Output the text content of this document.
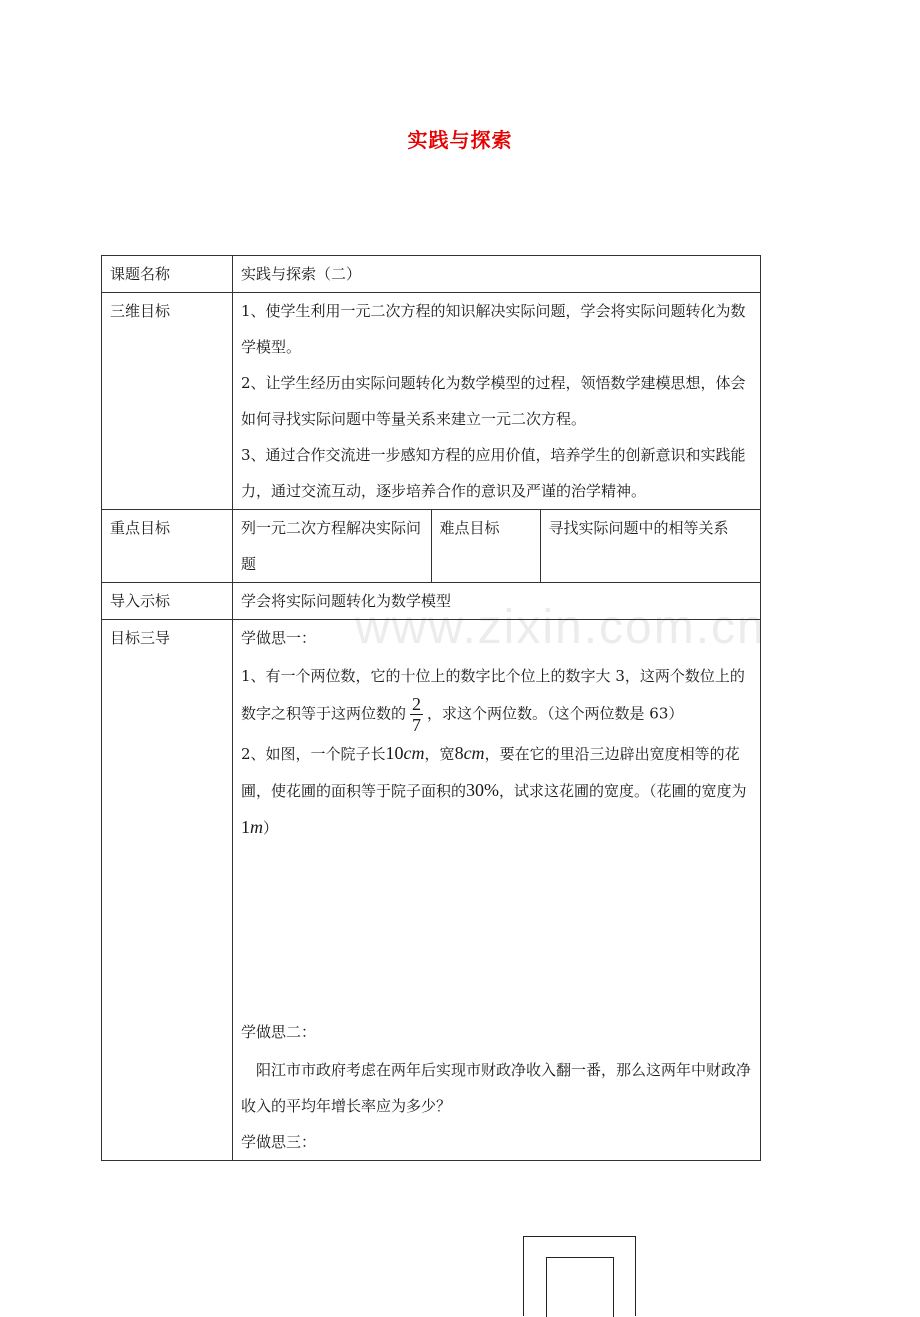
实践与探索
www.zixin.com.cn
课题名称	实践与探索（二）
三维目标	1、使学生利用一元二次方程的知识解决实际问题，学会将实际问题转化为数学模型。

2、让学生经历由实际问题转化为数学模型的过程，领悟数学建模思想，体会如何寻找实际问题中等量关系来建立一元二次方程。

3、通过合作交流进一步感知方程的应用价值，培养学生的创新意识和实践能力，通过交流互动，逐步培养合作的意识及严谨的治学精神。

重点目标		列一元二次方程解决实际问题	难点目标	寻找实际问题中的相等关系

导入示标	学会将实际问题转化为数学模型
目标三导	学做思一：

1、有一个两位数，它的十位上的数字比个位上的数字大 3，这两个数位上的数字之积等于这两位数的 $\frac{2}{7}$ ，求这个两位数。（这个两位数是 63）

2、如图，一个院子长10cm，宽8cm，要在它的里沿三边辟出宽度相等的花圃，使花圃的面积等于院子面积的30%，试求这花圃的宽度。（花圃的宽度为1m）

学做思二：

阳江市市政府考虑在两年后实现市财政净收入翻一番，那么这两年中财政净收入的平均年增长率应为多少？

学做思三：
